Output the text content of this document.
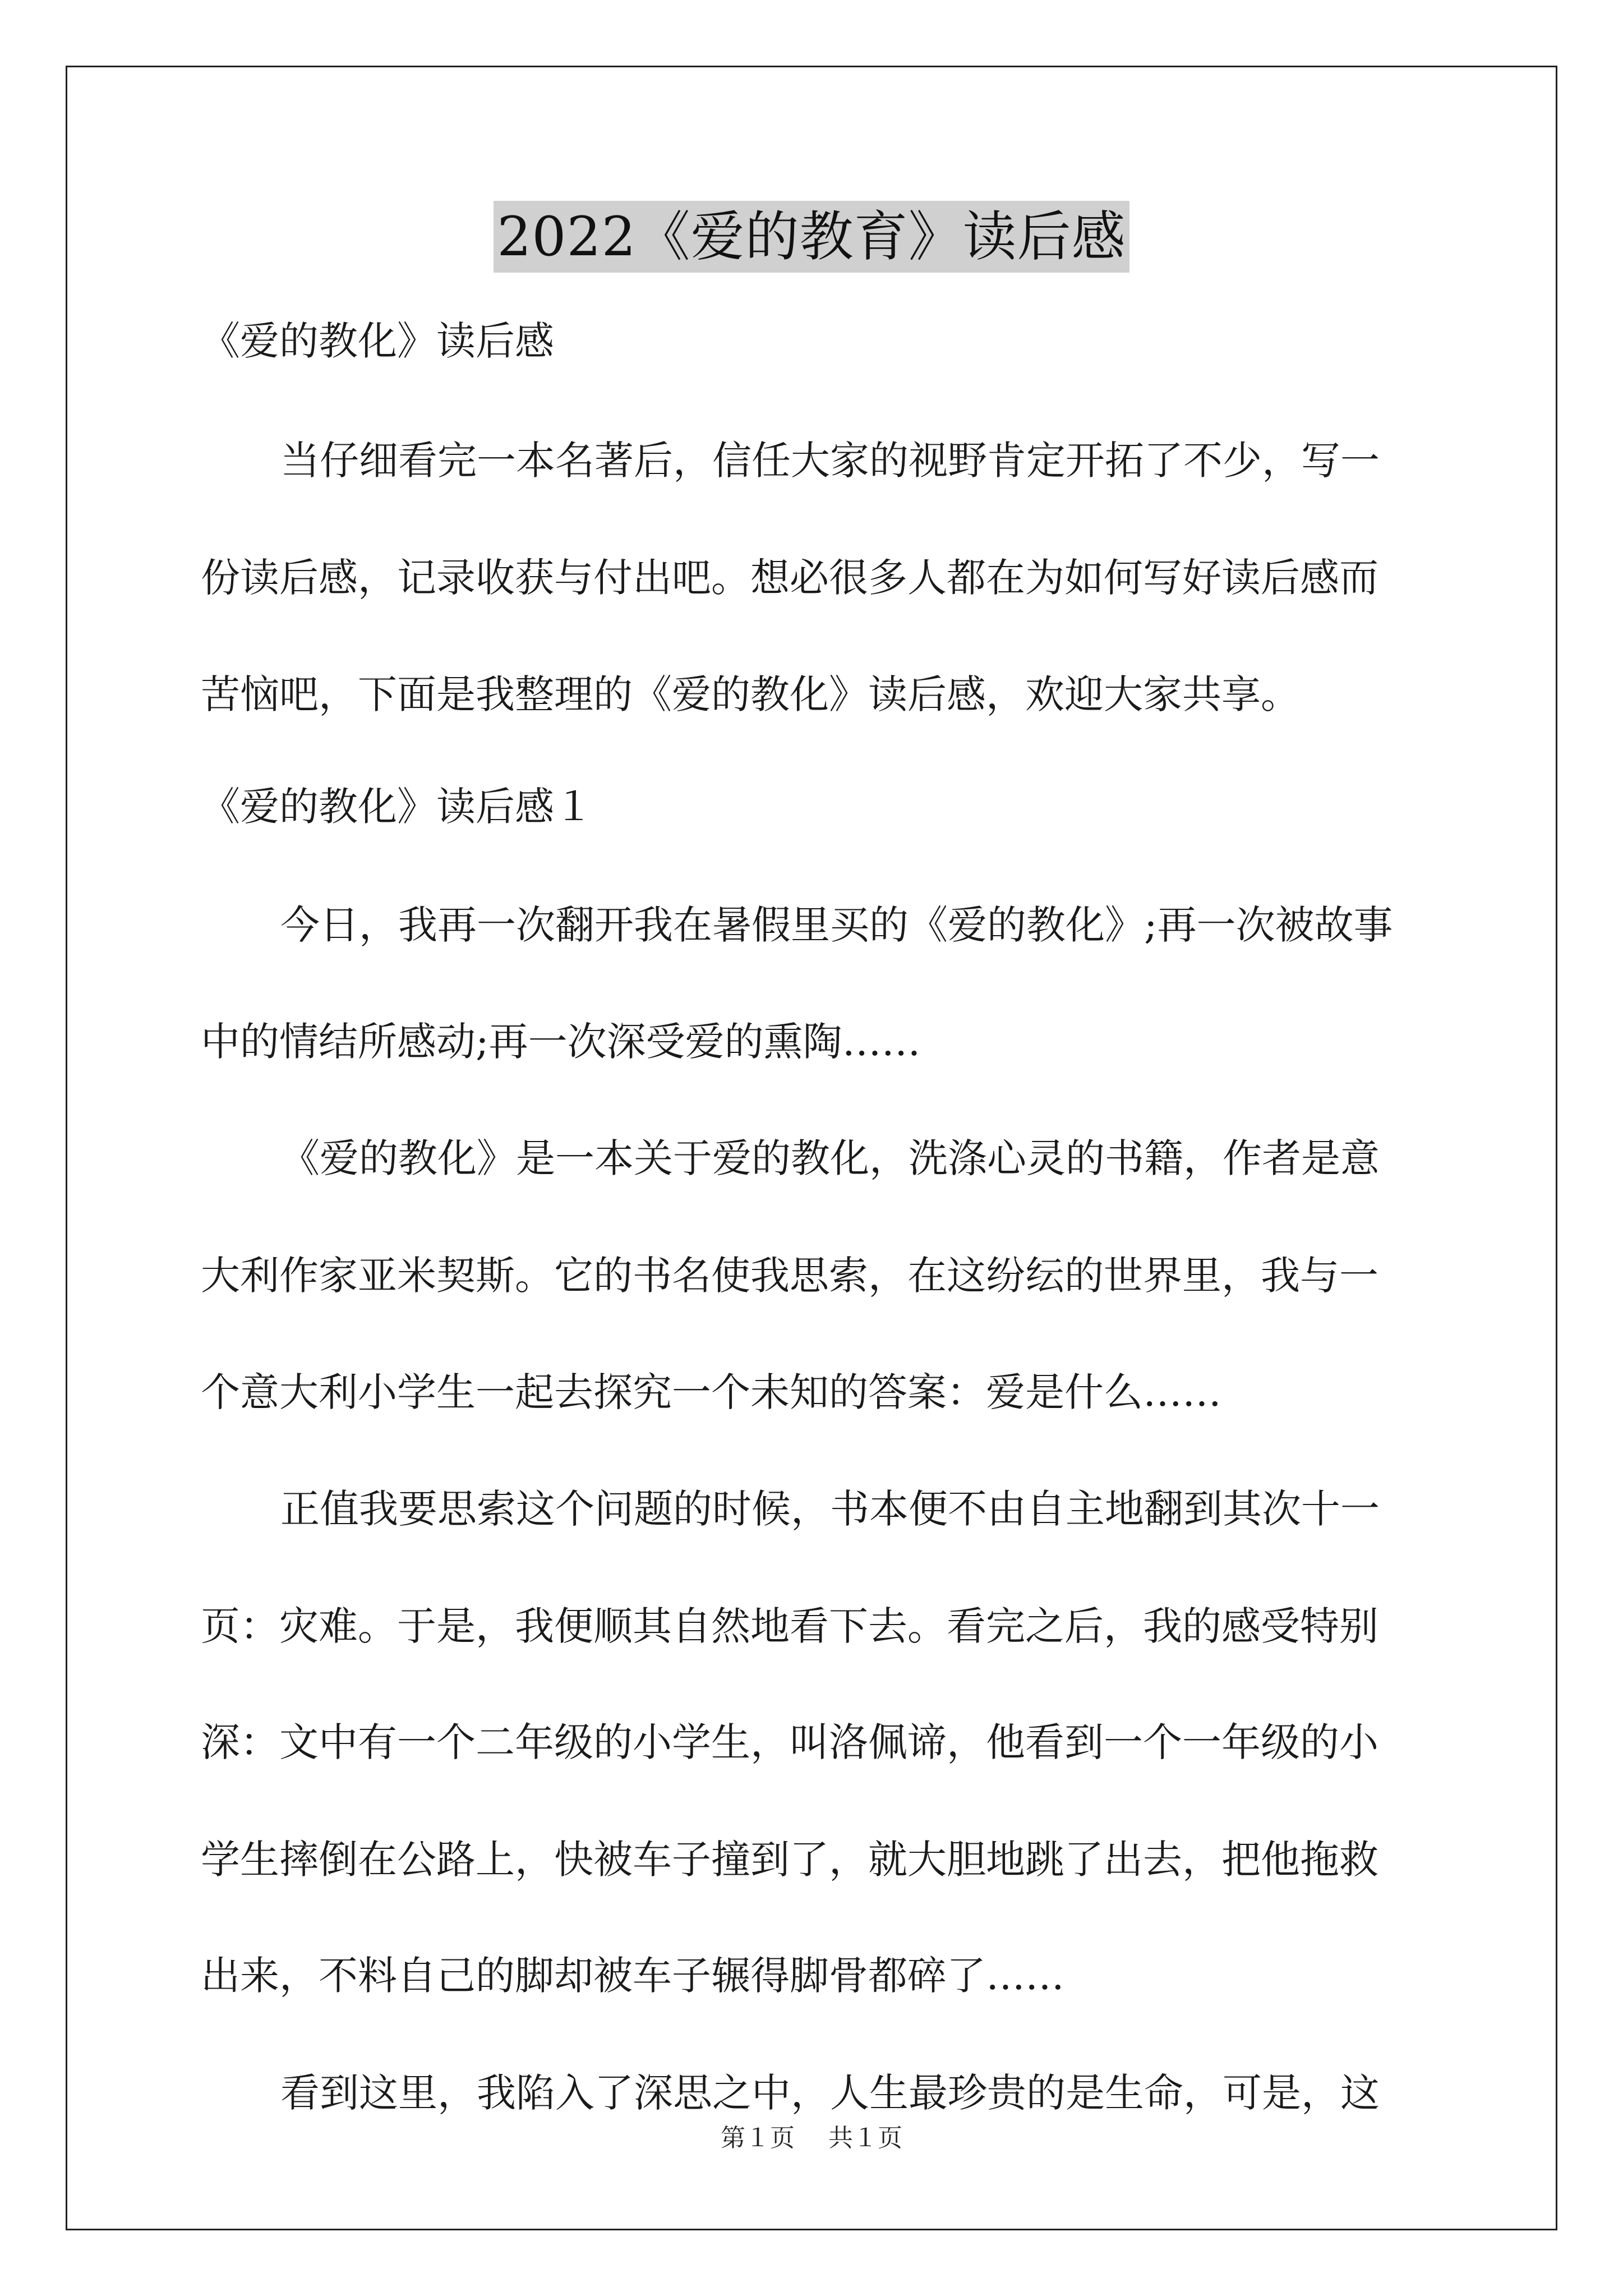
2022《爱的教育》读后感
《爱的教化》读后感
当仔细看完一本名著后，信任大家的视野肯定开拓了不少，写一
份读后感，记录收获与付出吧。想必很多人都在为如何写好读后感而
苦恼吧，下面是我整理的《爱的教化》读后感，欢迎大家共享。
《爱的教化》读后感１
今日，我再一次翻开我在暑假里买的《爱的教化》;再一次被故事
中的情结所感动;再一次深受爱的熏陶……
《爱的教化》是一本关于爱的教化，洗涤心灵的书籍，作者是意
大利作家亚米契斯。它的书名使我思索，在这纷纭的世界里，我与一
个意大利小学生一起去探究一个未知的答案：爱是什么……
正值我要思索这个问题的时候，书本便不由自主地翻到其次十一
页：灾难。于是，我便顺其自然地看下去。看完之后，我的感受特别
深：文中有一个二年级的小学生，叫洛佩谛，他看到一个一年级的小
学生摔倒在公路上，快被车子撞到了，就大胆地跳了出去，把他拖救
出来，不料自己的脚却被车子辗得脚骨都碎了……
看到这里，我陷入了深思之中，人生最珍贵的是生命，可是，这
第１页 共１页
